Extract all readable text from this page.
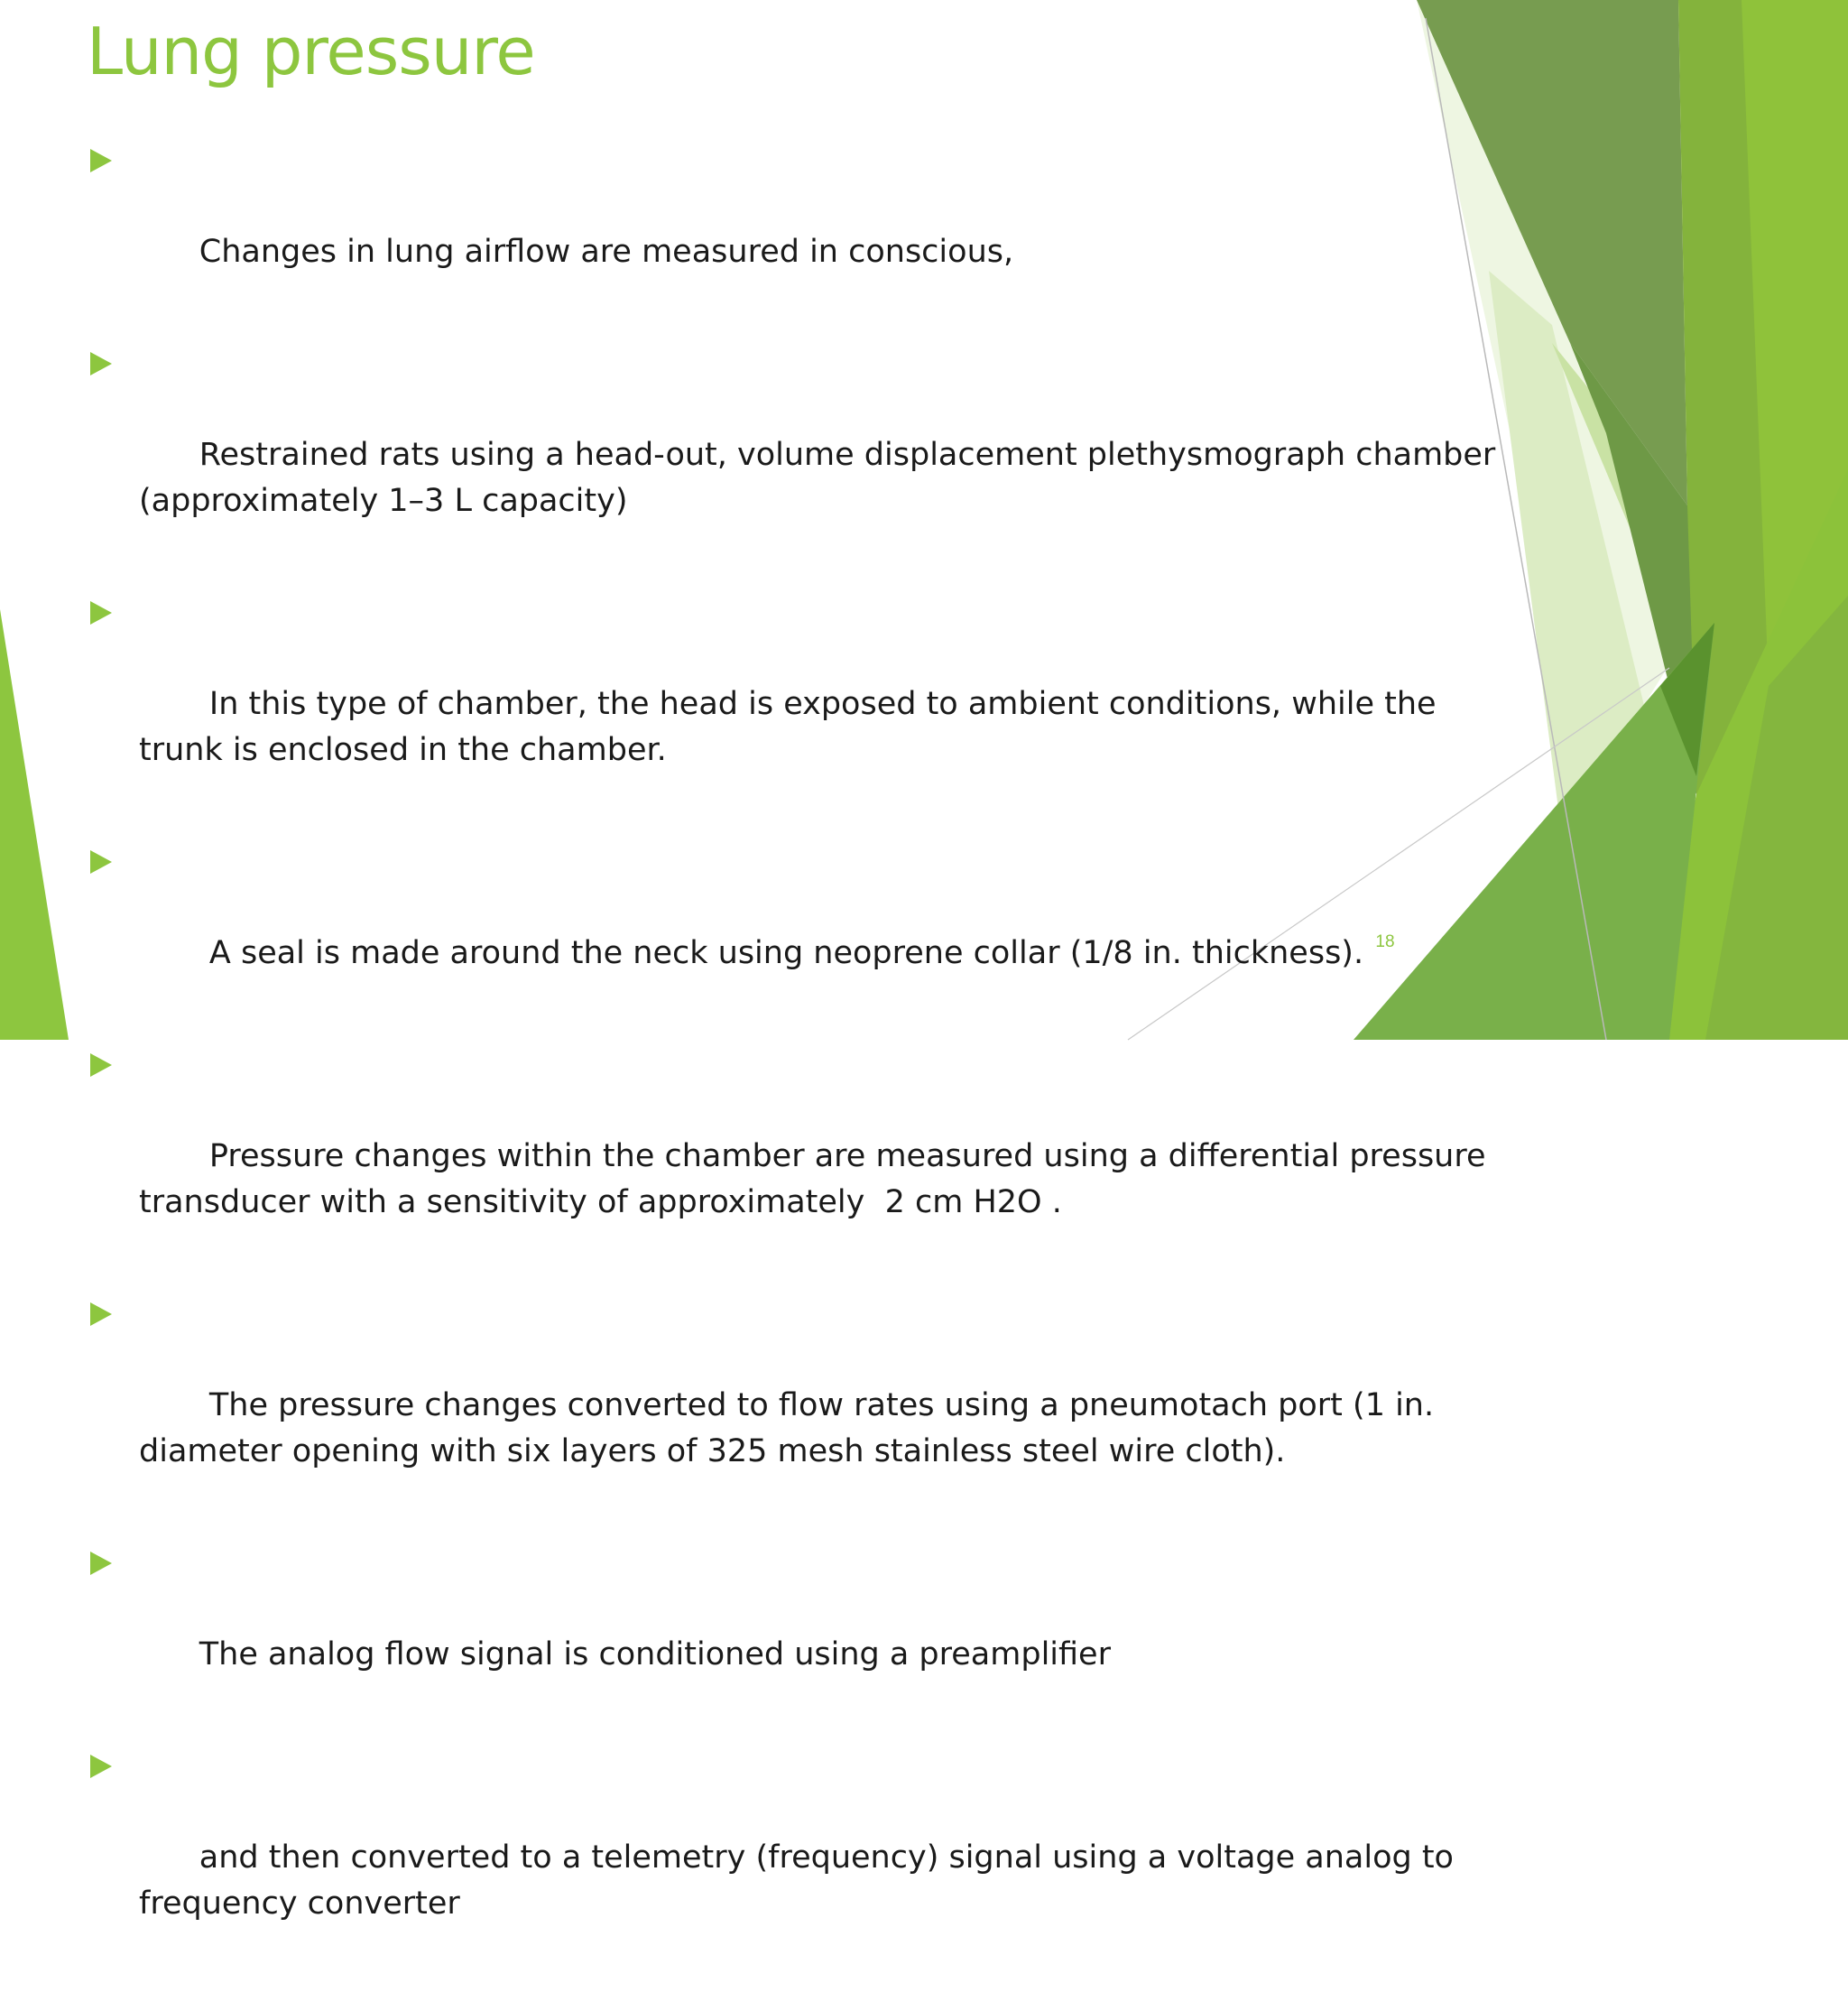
Lung pressure

Changes in lung airflow are measured in conscious,

Restrained rats using a head-out, volume displacement plethysmograph chamber (approximately 1–3 L capacity)

In this type of chamber, the head is exposed to ambient conditions, while the trunk is enclosed in the chamber.

A seal is made around the neck using neoprene collar (1/8 in. thickness).

Pressure changes within the chamber are measured using a differential pressure transducer with a sensitivity of approximately  2 cm H2O .

The pressure changes converted to flow rates using a pneumotach port (1 in. diameter opening with six layers of 325 mesh stainless steel wire cloth).

The analog flow signal is conditioned using a preamplifier

and then converted to a telemetry (frequency) signal using a voltage analog to frequency converter

18
